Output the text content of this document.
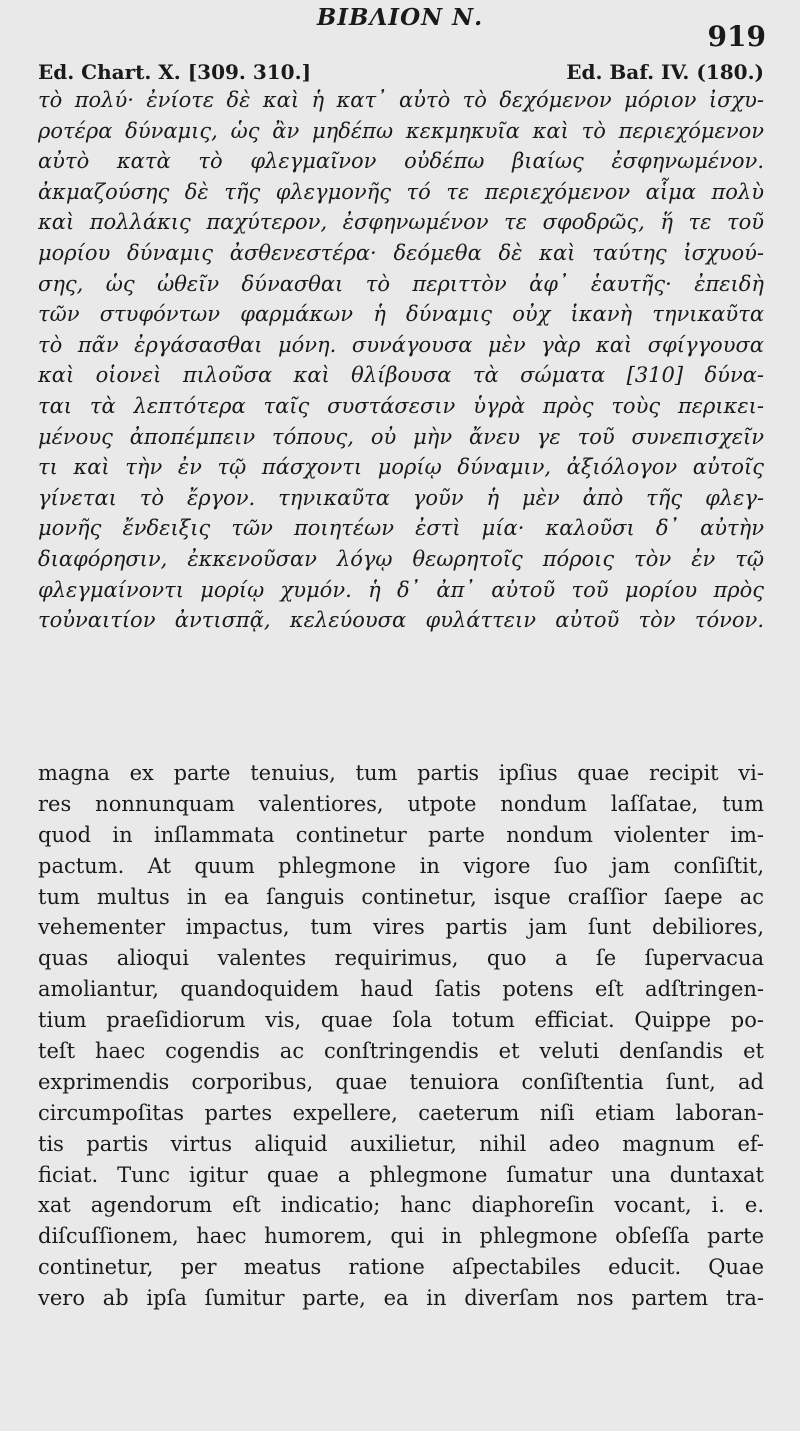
ΒΙΒΛΙΟΝ Ν.
919
Ed. Chart. X. [309. 310.]	Ed. Baf. IV. (180.)
τὸ πολύ· ἐνίοτε δὲ καὶ ἡ κατ᾽ αὐτὸ τὸ δεχόμενον μόριον ἰσχυ-
ροτέρα δύναμις, ὡς ἂν μηδέπω κεκμηκυῖα καὶ τὸ περιεχόμενον
αὐτὸ κατὰ τὸ φλεγμαῖνον οὐδέπω βιαίως ἐσφηνωμένον.
ἀκμαζούσης δὲ τῆς φλεγμονῆς τό τε περιεχόμενον αἷμα πολὺ
καὶ πολλάκις παχύτερον, ἐσφηνωμένον τε σφοδρῶς, ἥ τε τοῦ
μορίου δύναμις ἀσθενεστέρα· δεόμεθα δὲ καὶ ταύτης ἰσχυού-
σης, ὡς ὠθεῖν δύνασθαι τὸ περιττὸν ἀφ᾽ ἑαυτῆς· ἐπειδὴ
τῶν στυφόντων φαρμάκων ἡ δύναμις οὐχ ἱκανὴ τηνικαῦτα
τὸ πᾶν ἐργάσασθαι μόνη. συνάγουσα μὲν γὰρ καὶ σφίγγουσα
καὶ οἱονεὶ πιλοῦσα καὶ θλίβουσα τὰ σώματα [310] δύνα-
ται τὰ λεπτότερα ταῖς συστάσεσιν ὑγρὰ πρὸς τοὺς περικει-
μένους ἀποπέμπειν τόπους, οὐ μὴν ἄνευ γε τοῦ συνεπισχεῖν
τι καὶ τὴν ἐν τῷ πάσχοντι μορίῳ δύναμιν, ἀξιόλογον αὐτοῖς
γίνεται τὸ ἔργον. τηνικαῦτα γοῦν ἡ μὲν ἀπὸ τῆς φλεγ-
μονῆς ἔνδειξις τῶν ποιητέων ἐστὶ μία· καλοῦσι δ᾽ αὐτὴν
διαφόρησιν, ἐκκενοῦσαν λόγῳ θεωρητοῖς πόροις τὸν ἐν τῷ
φλεγμαίνοντι μορίῳ χυμόν. ἡ δ᾽ ἀπ᾽ αὐτοῦ τοῦ μορίου πρὸς
τοὐναιτίον ἀντισπᾷ, κελεύουσα φυλάττειν αὐτοῦ τὸν τόνον.
magna ex parte tenuius, tum partis ipſius quae recipit vi-
res nonnunquam valentiores, utpote nondum laſſatae, tum
quod in inſlammata continetur parte nondum violenter im-
pactum. At quum phlegmone in vigore ſuo jam conſiſtit,
tum multus in ea ſanguis continetur, isque craſſior ſaepe ac
vehementer impactus, tum vires partis jam ſunt debiliores,
quas alioqui valentes requirimus, quo a ſe ſupervacua
amoliantur, quandoquidem haud ſatis potens eſt adſtringen-
tium praeſidiorum vis, quae ſola totum efficiat. Quippe po-
teſt haec cogendis ac conſtringendis et veluti denſandis et
exprimendis corporibus, quae tenuiora conſiſtentia ſunt, ad
circumpoſitas partes expellere, caeterum niſi etiam laboran-
tis partis virtus aliquid auxilietur, nihil adeo magnum ef-
ficiat. Tunc igitur quae a phlegmone ſumatur una duntaxat
xat agendorum eſt indicatio; hanc diaphoreſin vocant, i. e.
diſcuſſionem, haec humorem, qui in phlegmone obſeſſa parte
continetur, per meatus ratione aſpectabiles educit. Quae
vero ab ipſa ſumitur parte, ea in diverſam nos partem tra-
